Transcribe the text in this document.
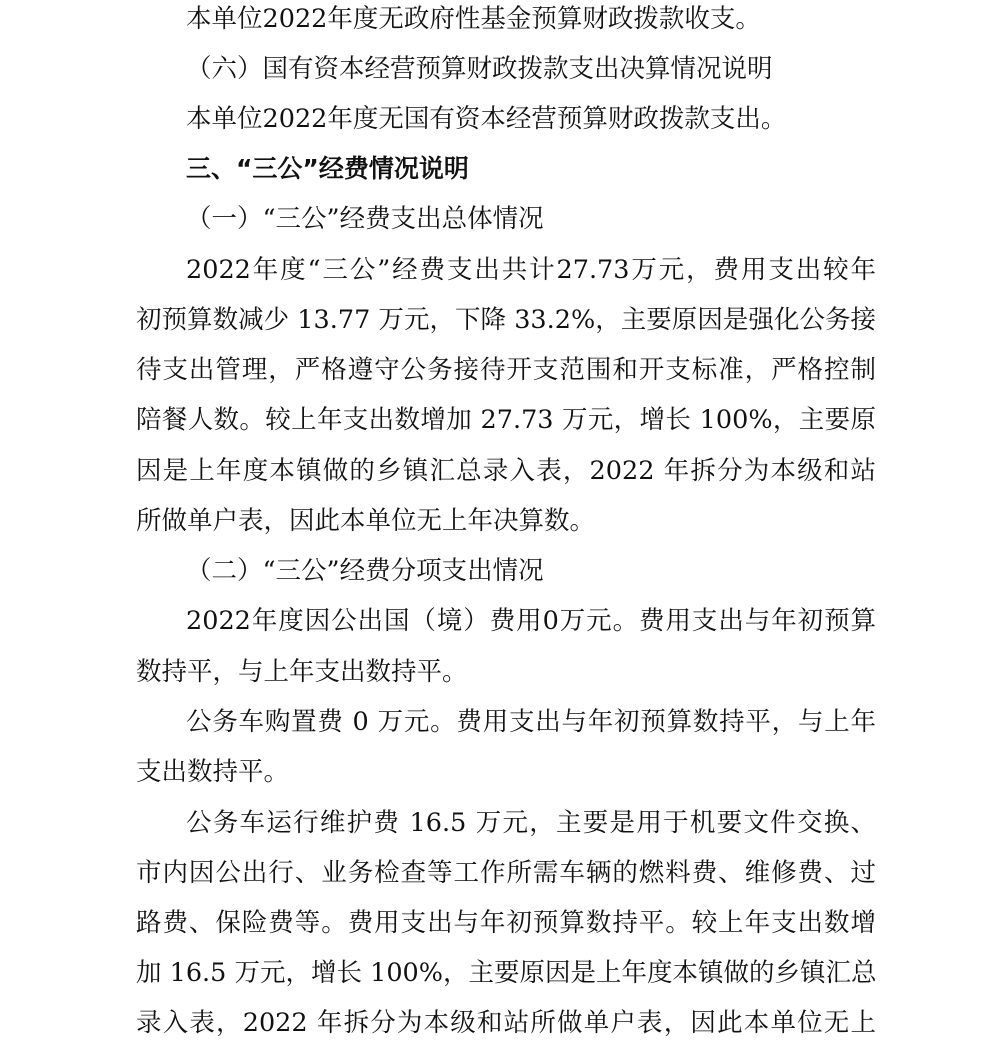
本单位2022年度无政府性基金预算财政拨款收支。
（六）国有资本经营预算财政拨款支出决算情况说明
本单位2022年度无国有资本经营预算财政拨款支出。
三、“三公”经费情况说明
（一）“三公”经费支出总体情况
2022年度“三公”经费支出共计27.73万元，费用支出较年
初预算数减少 13.77 万元，下降 33.2%，主要原因是强化公务接
待支出管理，严格遵守公务接待开支范围和开支标准，严格控制
陪餐人数。较上年支出数增加 27.73 万元，增长 100%，主要原
因是上年度本镇做的乡镇汇总录入表，2022 年拆分为本级和站
所做单户表，因此本单位无上年决算数。
（二）“三公”经费分项支出情况
2022年度因公出国（境）费用0万元。费用支出与年初预算
数持平，与上年支出数持平。
公务车购置费 0 万元。费用支出与年初预算数持平，与上年
支出数持平。
公务车运行维护费 16.5 万元，主要是用于机要文件交换、
市内因公出行、业务检查等工作所需车辆的燃料费、维修费、过
路费、保险费等。费用支出与年初预算数持平。较上年支出数增
加 16.5 万元，增长 100%，主要原因是上年度本镇做的乡镇汇总
录入表，2022 年拆分为本级和站所做单户表，因此本单位无上
